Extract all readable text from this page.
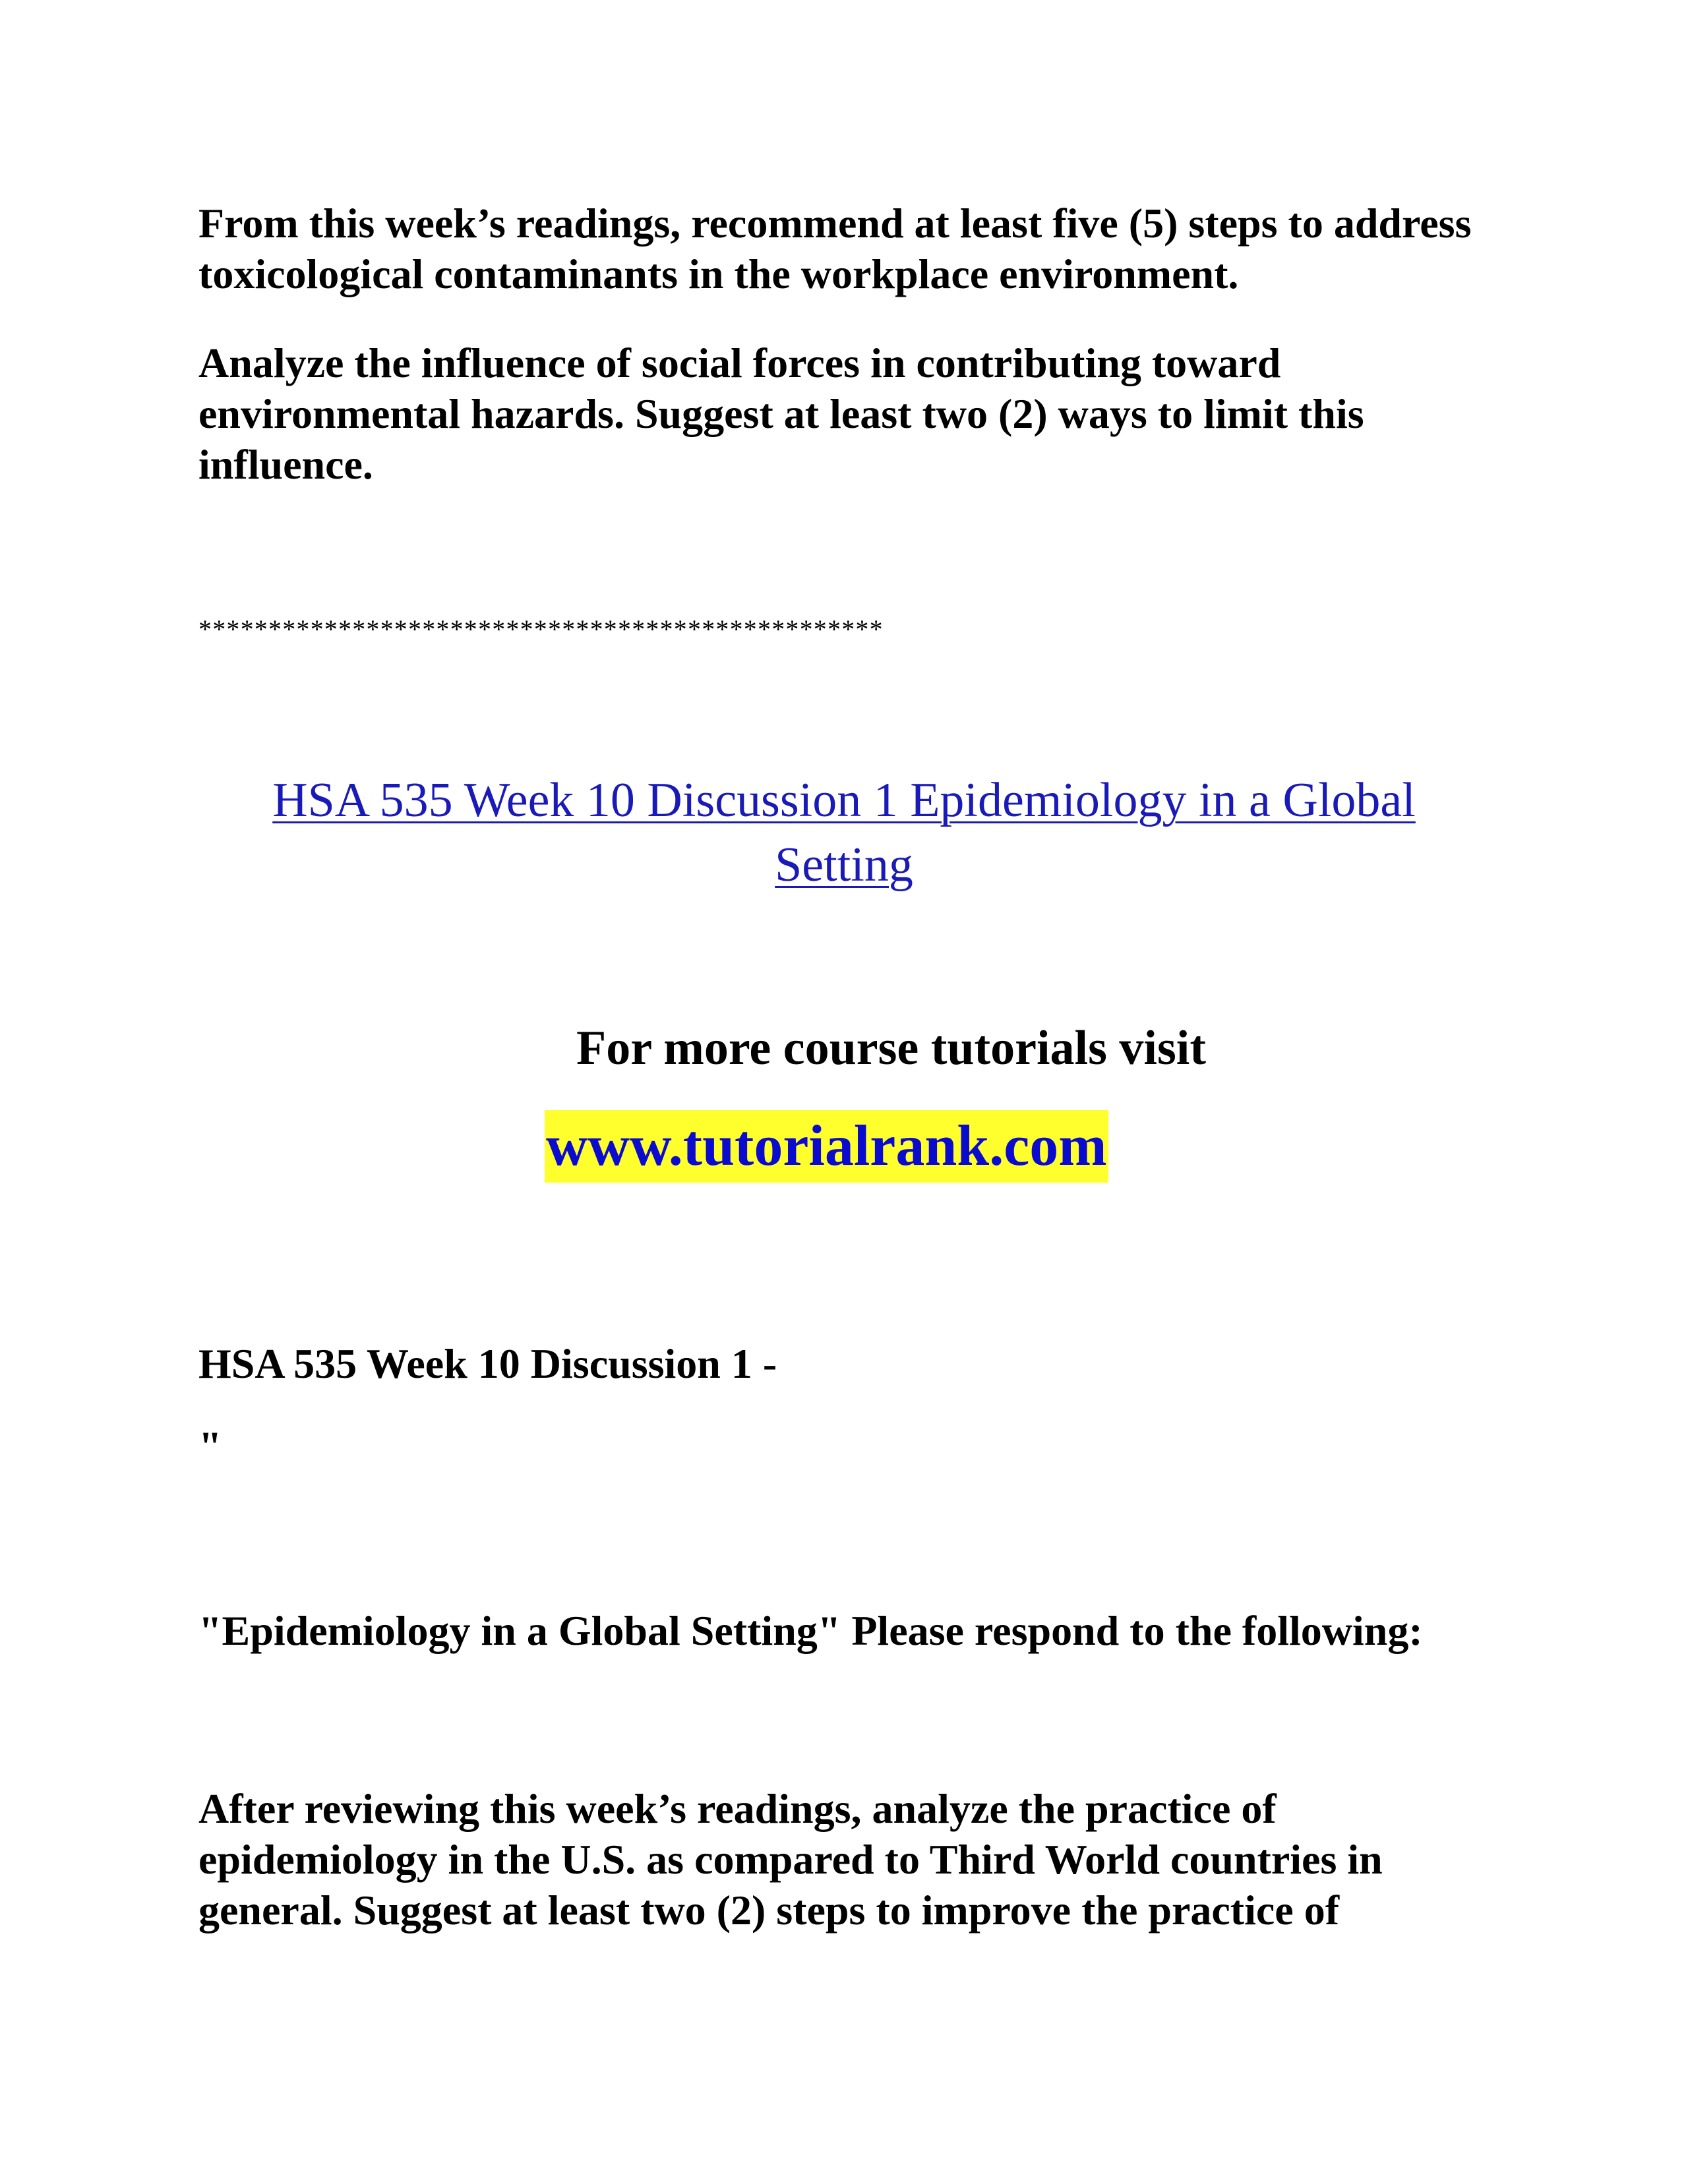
From this week’s readings, recommend at least five (5) steps to address toxicological contaminants in the workplace environment.

Analyze the influence of social forces in contributing toward environmental hazards. Suggest at least two (2) ways to limit this influence.

*************************************************

HSA 535 Week 10 Discussion 1 Epidemiology in a Global Setting

For more course tutorials visit

www.tutorialrank.com

HSA 535 Week 10 Discussion 1 -

"

"Epidemiology in a Global Setting" Please respond to the following:

After reviewing this week’s readings, analyze the practice of epidemiology in the U.S. as compared to Third World countries in general. Suggest at least two (2) steps to improve the practice of
